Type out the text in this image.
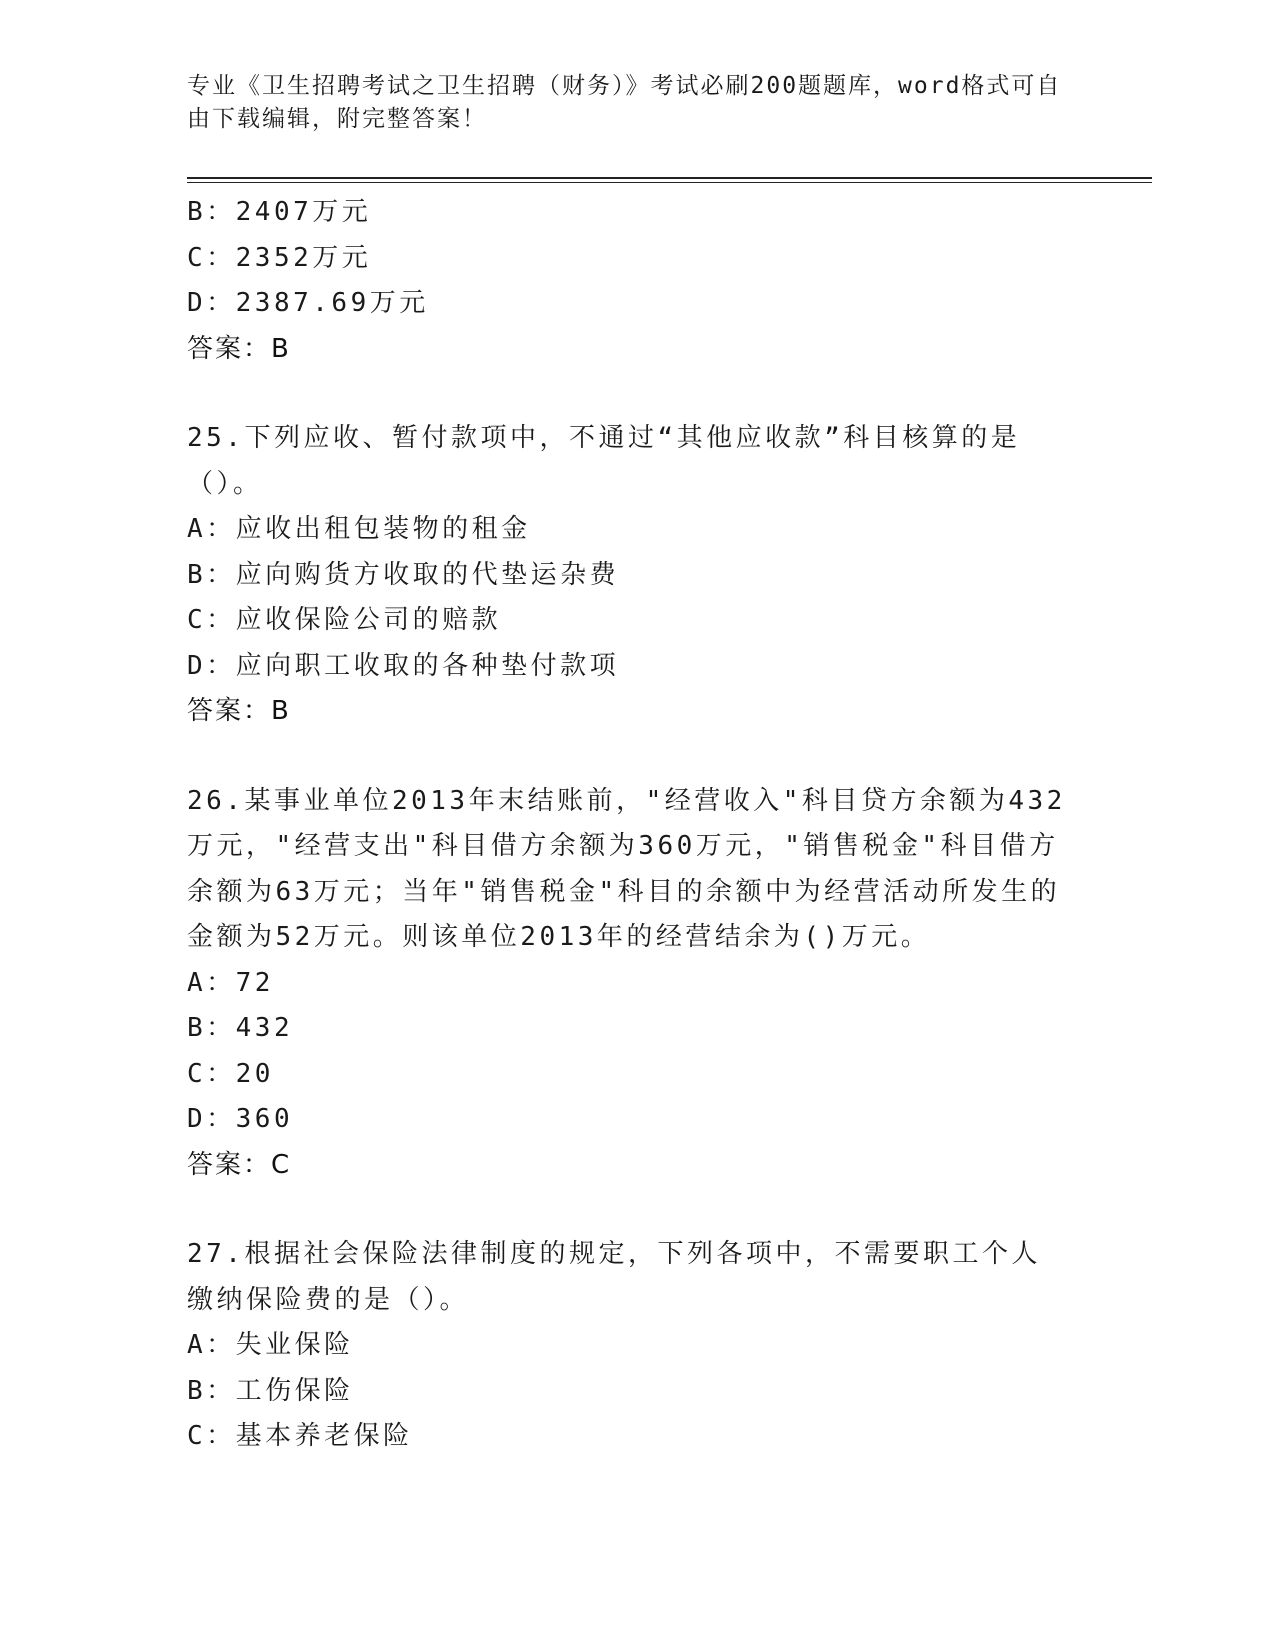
专业《卫生招聘考试之卫生招聘（财务）》考试必刷200题题库，word格式可自由下载编辑，附完整答案！
B：2407万元
C：2352万元
D：2387.69万元
答案：B
25.下列应收、暂付款项中，不通过“其他应收款”科目核算的是（）。
A：应收出租包装物的租金
B：应向购货方收取的代垫运杂费
C：应收保险公司的赔款
D：应向职工收取的各种垫付款项
答案：B
26.某事业单位2013年末结账前，"经营收入"科目贷方余额为432万元，"经营支出"科目借方余额为360万元，"销售税金"科目借方余额为63万元；当年"销售税金"科目的余额中为经营活动所发生的金额为52万元。则该单位2013年的经营结余为()万元。
A：72
B：432
C：20
D：360
答案：C
27.根据社会保险法律制度的规定，下列各项中，不需要职工个人缴纳保险费的是（）。
A：失业保险
B：工伤保险
C：基本养老保险
